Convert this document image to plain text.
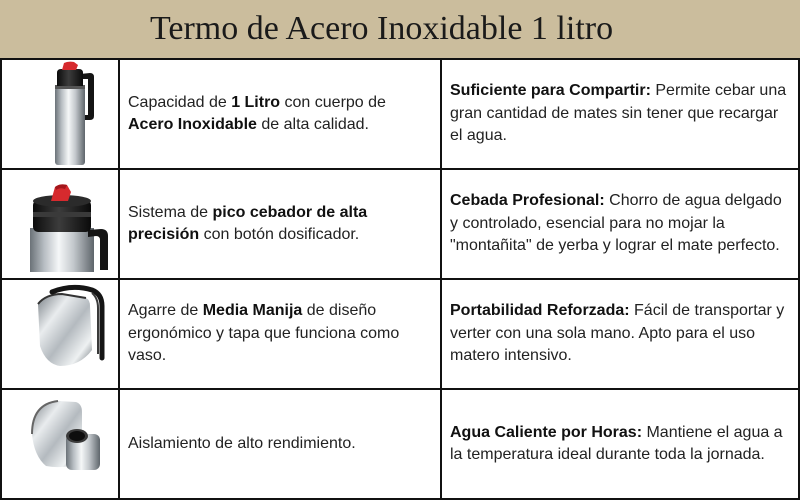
Termo de Acero Inoxidable 1 litro

Capacidad de 1 Litro con cuerpo de Acero Inoxidable de alta calidad.

Suficiente para Compartir: Permite cebar una gran cantidad de mates sin tener que recargar el agua.

Sistema de pico cebador de alta precisión con botón dosificador.

Cebada Profesional: Chorro de agua delgado y controlado, esencial para no mojar la "montañita" de yerba y lograr el mate perfecto.

Agarre de Media Manija de diseño ergonómico y tapa que funciona como vaso.

Portabilidad Reforzada: Fácil de transportar y verter con una sola mano. Apto para el uso matero intensivo.

Aislamiento de alto rendimiento.

Agua Caliente por Horas: Mantiene el agua a la temperatura ideal durante toda la jornada.
